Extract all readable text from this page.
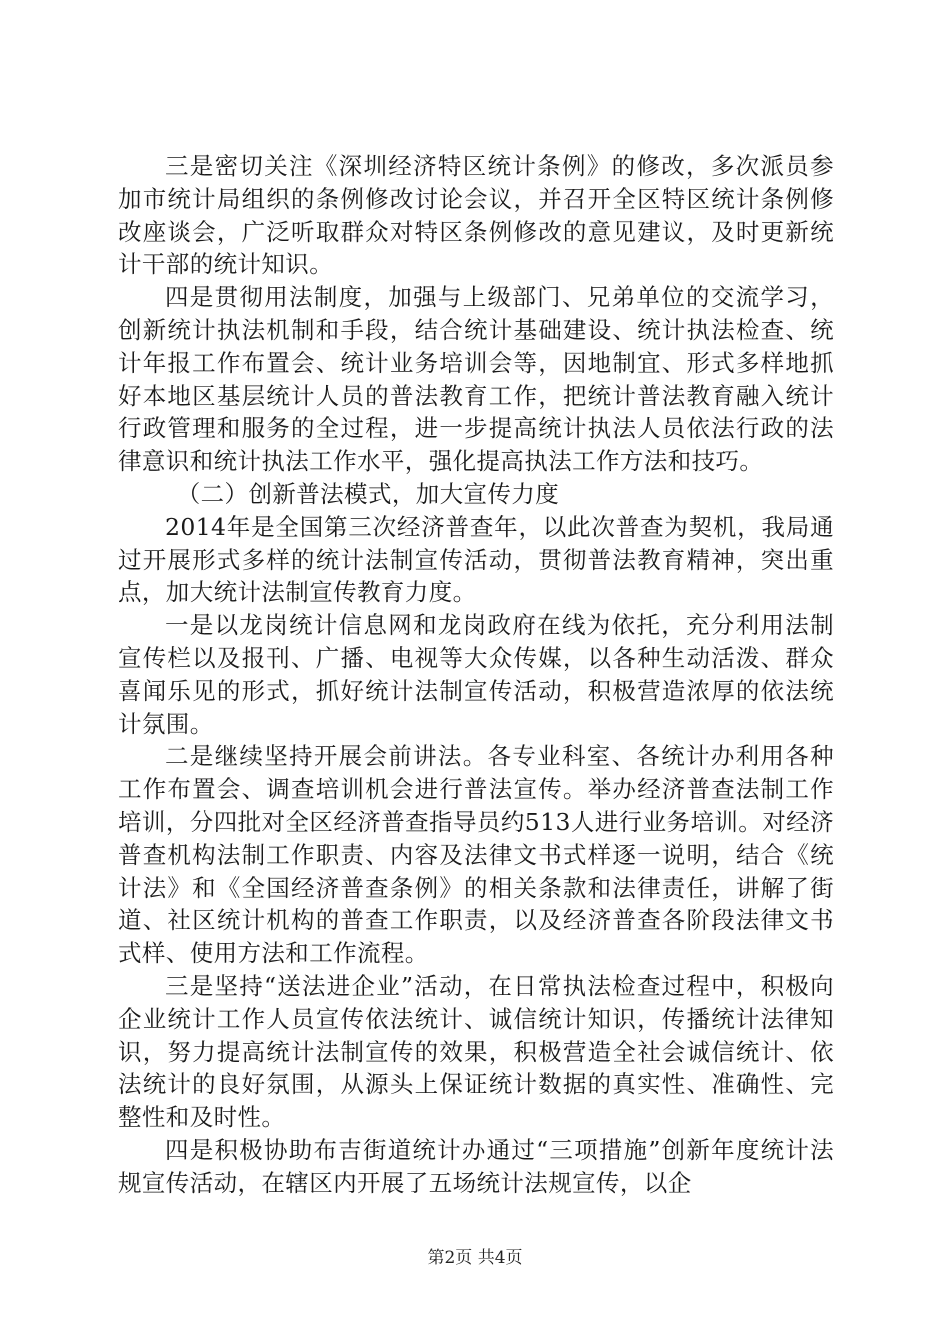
三是密切关注《深圳经济特区统计条例》的修改，多次派员参加市统计局组织的条例修改讨论会议，并召开全区特区统计条例修改座谈会，广泛听取群众对特区条例修改的意见建议，及时更新统计干部的统计知识。

四是贯彻用法制度，加强与上级部门、兄弟单位的交流学习，创新统计执法机制和手段，结合统计基础建设、统计执法检查、统计年报工作布置会、统计业务培训会等，因地制宜、形式多样地抓好本地区基层统计人员的普法教育工作，把统计普法教育融入统计行政管理和服务的全过程，进一步提高统计执法人员依法行政的法律意识和统计执法工作水平，强化提高执法工作方法和技巧。

（二）创新普法模式，加大宣传力度

2014年是全国第三次经济普查年，以此次普查为契机，我局通过开展形式多样的统计法制宣传活动，贯彻普法教育精神，突出重点，加大统计法制宣传教育力度。

一是以龙岗统计信息网和龙岗政府在线为依托，充分利用法制宣传栏以及报刊、广播、电视等大众传媒，以各种生动活泼、群众喜闻乐见的形式，抓好统计法制宣传活动，积极营造浓厚的依法统计氛围。

二是继续坚持开展会前讲法。各专业科室、各统计办利用各种工作布置会、调查培训机会进行普法宣传。举办经济普查法制工作培训，分四批对全区经济普查指导员约513人进行业务培训。对经济普查机构法制工作职责、内容及法律文书式样逐一说明，结合《统计法》和《全国经济普查条例》的相关条款和法律责任，讲解了街道、社区统计机构的普查工作职责，以及经济普查各阶段法律文书式样、使用方法和工作流程。

三是坚持“送法进企业”活动，在日常执法检查过程中，积极向企业统计工作人员宣传依法统计、诚信统计知识，传播统计法律知识，努力提高统计法制宣传的效果，积极营造全社会诚信统计、依法统计的良好氛围，从源头上保证统计数据的真实性、准确性、完整性和及时性。

四是积极协助布吉街道统计办通过“三项措施”创新年度统计法规宣传活动，在辖区内开展了五场统计法规宣传，以企

第2页 共4页
